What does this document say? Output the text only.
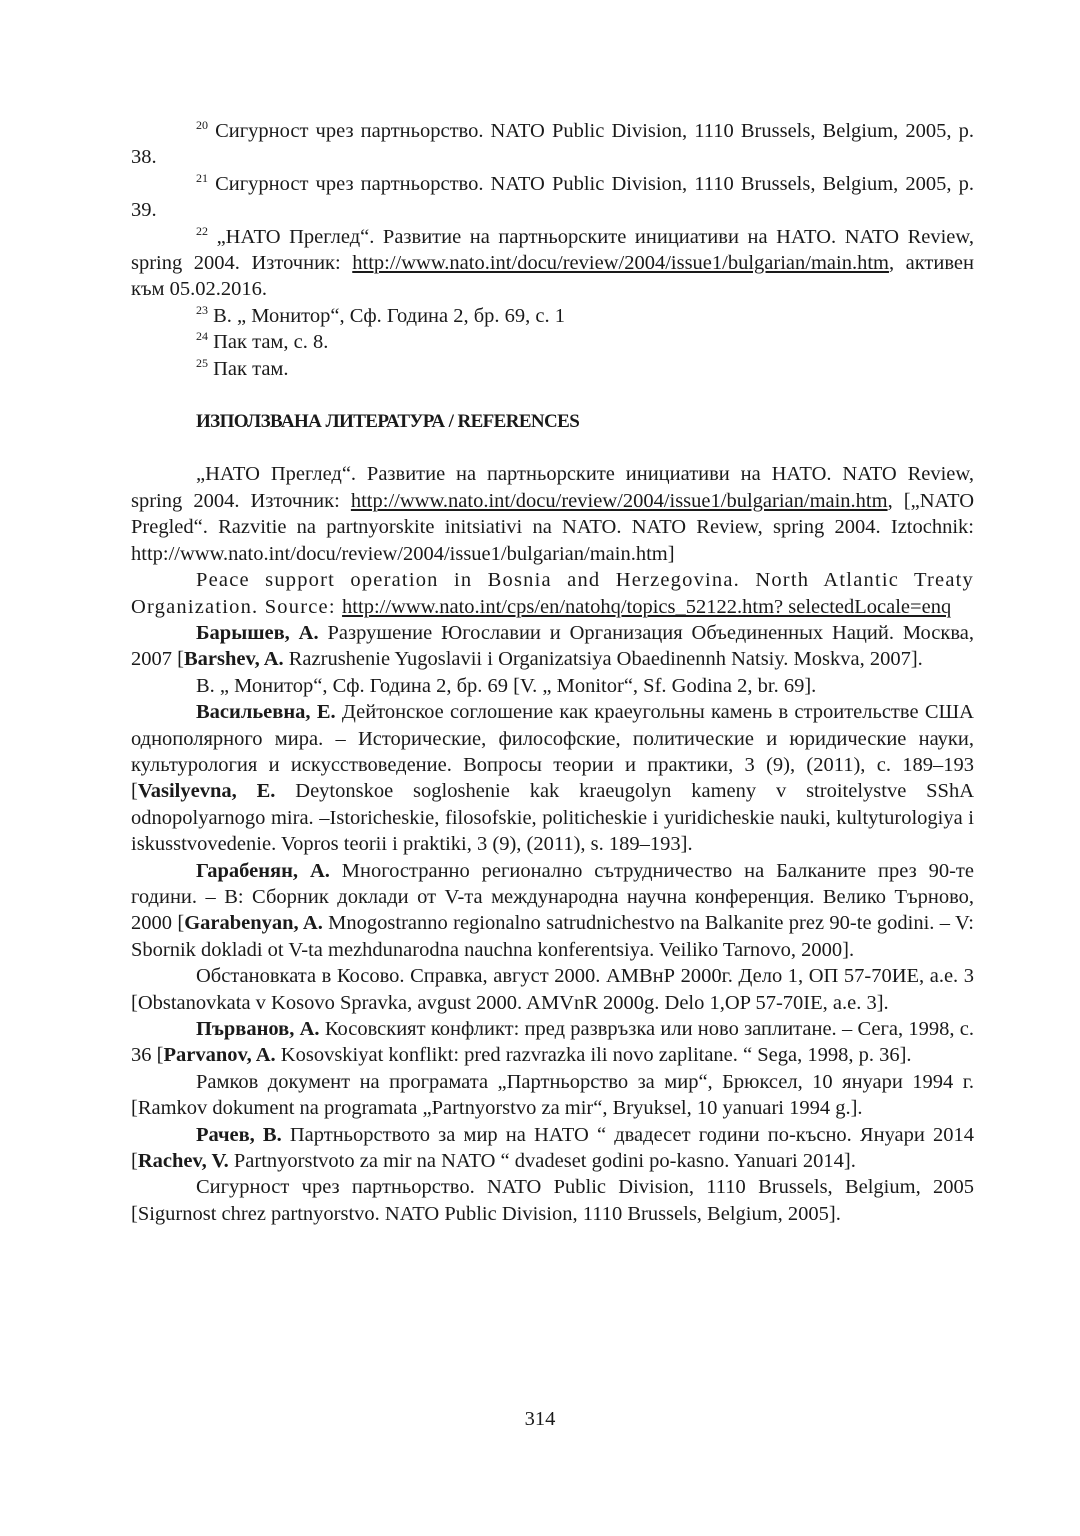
$^{20}$ Сигурност чрез партньорство. NATO Public Division, 1110 Brussels, Belgium, 2005, p. 38.

$^{21}$ Сигурност чрез партньорство. NATO Public Division, 1110 Brussels, Belgium, 2005, p. 39.

$^{22}$ „НАТО Преглед“. Развитие на партньорските инициативи на НАТО. NATO Review, spring 2004. Източник: http://www.nato.int/docu/review/2004/issue1/bulgarian/main.htm, активен към 05.02.2016.

$^{23}$ В. „ Монитор“, Сф. Година 2, бр. 69, с. 1

$^{24}$ Пак там, с. 8.

$^{25}$ Пак там.

ИЗПОЛЗВАНА ЛИТЕРАТУРА / REFERENCES

„НАТО Преглед“. Развитие на партньорските инициативи на НАТО. NATO Review, spring 2004. Източник: http://www.nato.int/docu/review/2004/issue1/bulgarian/main.htm, [„NATO Pregled“. Razvitie na partnyorskite initsiativi na NATO. NATO Review, spring 2004. Iztochnik: http://www.nato.int/docu/review/2004/issue1/bulgarian/main.htm]

Peace support operation in Bosnia and Herzegovina. North Atlantic Treaty Organization. Source: http://www.nato.int/cps/en/natohq/topics_52122.htm? selectedLocale=enq

Барышев, А. Разрушение Югославии и Организация Объединенных Наций. Москва, 2007 [Barshev, A. Razrushenie Yugoslavii i Organizatsiya Obaedinennh Natsiy. Moskva, 2007].

В. „ Монитор“, Сф. Година 2, бр. 69 [V. „ Monitor“, Sf. Godina 2, br. 69].

Васильевна, Е. Дейтонское соглошение как краеугольны камень в строительстве США однополярного мира. – Исторические, философские, политические и юридические науки, культурология и искусствоведение. Вопросы теории и практики, 3 (9), (2011), с. 189–193 [Vasilyevna, E. Deytonskoe sogloshenie kak kraeugolyn kameny v stroitelystve SShA odnopolyarnogo mira. –Istoricheskie, filosofskie, politicheskie i yuridicheskie nauki, kultyturologiya i iskusstvovedenie. Vopros teorii i praktiki, 3 (9), (2011), s. 189–193].

Гарабенян, А. Многостранно регионално сътрудничество на Балканите през 90-те години. – В: Сборник доклади от V-та международна научна конференция. Велико Търново, 2000 [Garabenyan, A. Mnogostranno regionalno satrudnichestvo na Balkanite prez 90-te godini. – V: Sbornik dokladi ot V-ta mezhdunarodna nauchna konferentsiya. Veiliko Tarnovo, 2000].

Обстановката в Косово. Справка, август 2000. АМВнР 2000г. Дело 1, ОП 57-70ИЕ, а.е. 3 [Obstanovkata v Kosovo Spravka, avgust 2000. AMVnR 2000g. Delo 1,OP 57-70IE, a.e. 3].

Първанов, А. Косовският конфликт: пред развръзка или ново заплитане. – Сега, 1998, с. 36 [Parvanov, A. Kosovskiyat konflikt: pred razvrazka ili novo zaplitane. “ Sega, 1998, p. 36].

Рамков документ на програмата „Партньорство за мир“, Брюксел, 10 януари 1994 г. [Ramkov dokument na programata „Partnyorstvo za mir“, Bryuksel, 10 yanuari 1994 g.].

Рачев, В. Партньорството за мир на НАТО “ двадесет години по-късно. Януари 2014 [Rachev, V. Partnyorstvoto za mir na NATO “ dvadeset godini po-kasno. Yanuari 2014].

Сигурност чрез партньорство. NATO Public Division, 1110 Brussels, Belgium, 2005 [Sigurnost chrez partnyorstvo. NATO Public Division, 1110 Brussels, Belgium, 2005].

314
